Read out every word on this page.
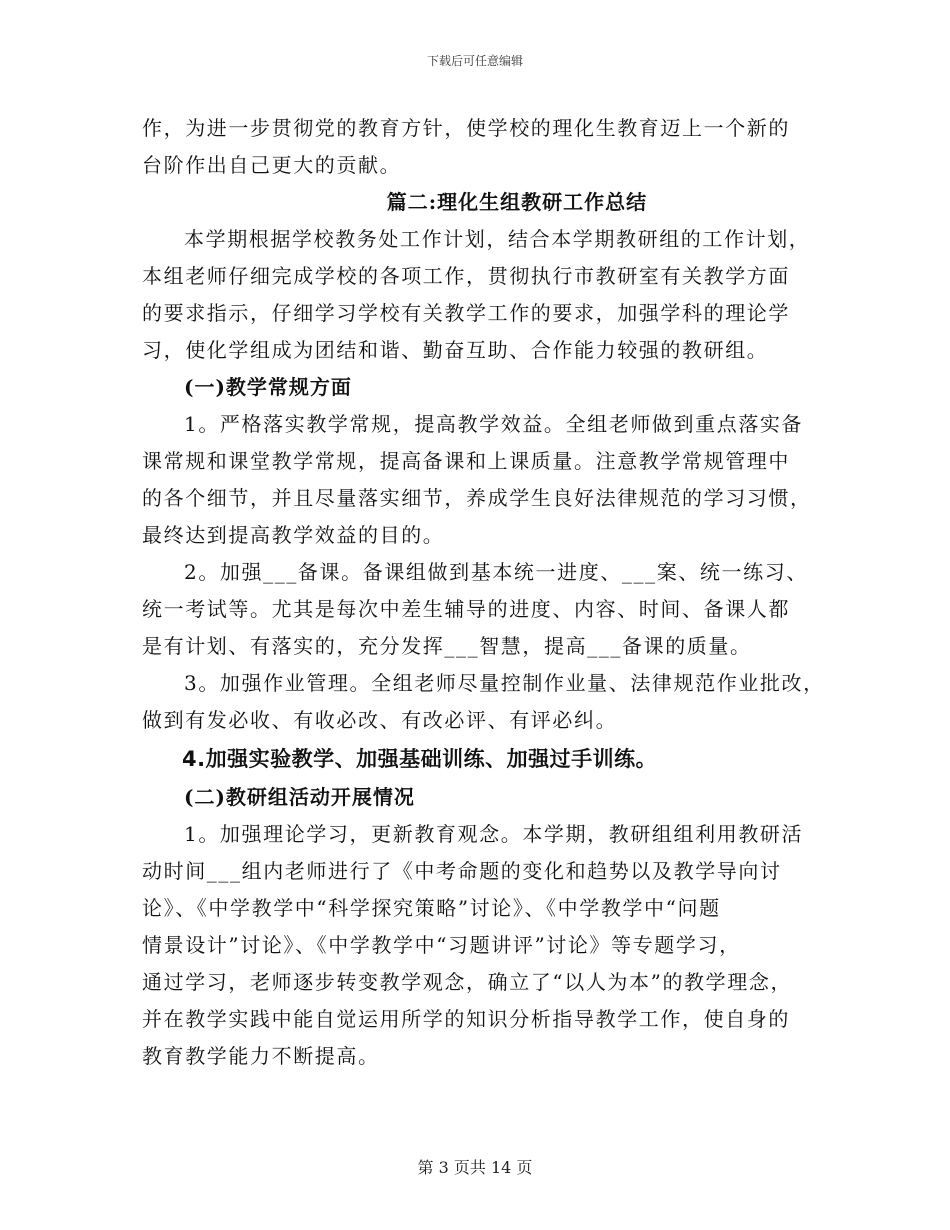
下载后可任意编辑

作，为进一步贯彻党的教育方针，使学校的理化生教育迈上一个新的
台阶作出自己更大的贡献。

篇二:理化生组教研工作总结

本学期根据学校教务处工作计划，结合本学期教研组的工作计划，
本组老师仔细完成学校的各项工作，贯彻执行市教研室有关教学方面
的要求指示，仔细学习学校有关教学工作的要求，加强学科的理论学
习，使化学组成为团结和谐、勤奋互助、合作能力较强的教研组。

(一)教学常规方面

1。严格落实教学常规，提高教学效益。全组老师做到重点落实备
课常规和课堂教学常规，提高备课和上课质量。注意教学常规管理中
的各个细节，并且尽量落实细节，养成学生良好法律规范的学习习惯，
最终达到提高教学效益的目的。

2。加强___备课。备课组做到基本统一进度、___案、统一练习、
统一考试等。尤其是每次中差生辅导的进度、内容、时间、备课人都
是有计划、有落实的，充分发挥___智慧，提高___备课的质量。

3。加强作业管理。全组老师尽量控制作业量、法律规范作业批改，
做到有发必收、有收必改、有改必评、有评必纠。

4.加强实验教学、加强基础训练、加强过手训练。

(二)教研组活动开展情况

1。加强理论学习，更新教育观念。本学期，教研组组利用教研活
动时间___组内老师进行了《中考命题的变化和趋势以及教学导向讨
论》、《中学教学中“科学探究策略”讨论》、《中学教学中“问题
情景设计”讨论》、《中学教学中“习题讲评”讨论》等专题学习，
通过学习，老师逐步转变教学观念，确立了“以人为本”的教学理念，
并在教学实践中能自觉运用所学的知识分析指导教学工作，使自身的
教育教学能力不断提高。

第 3 页共 14 页
